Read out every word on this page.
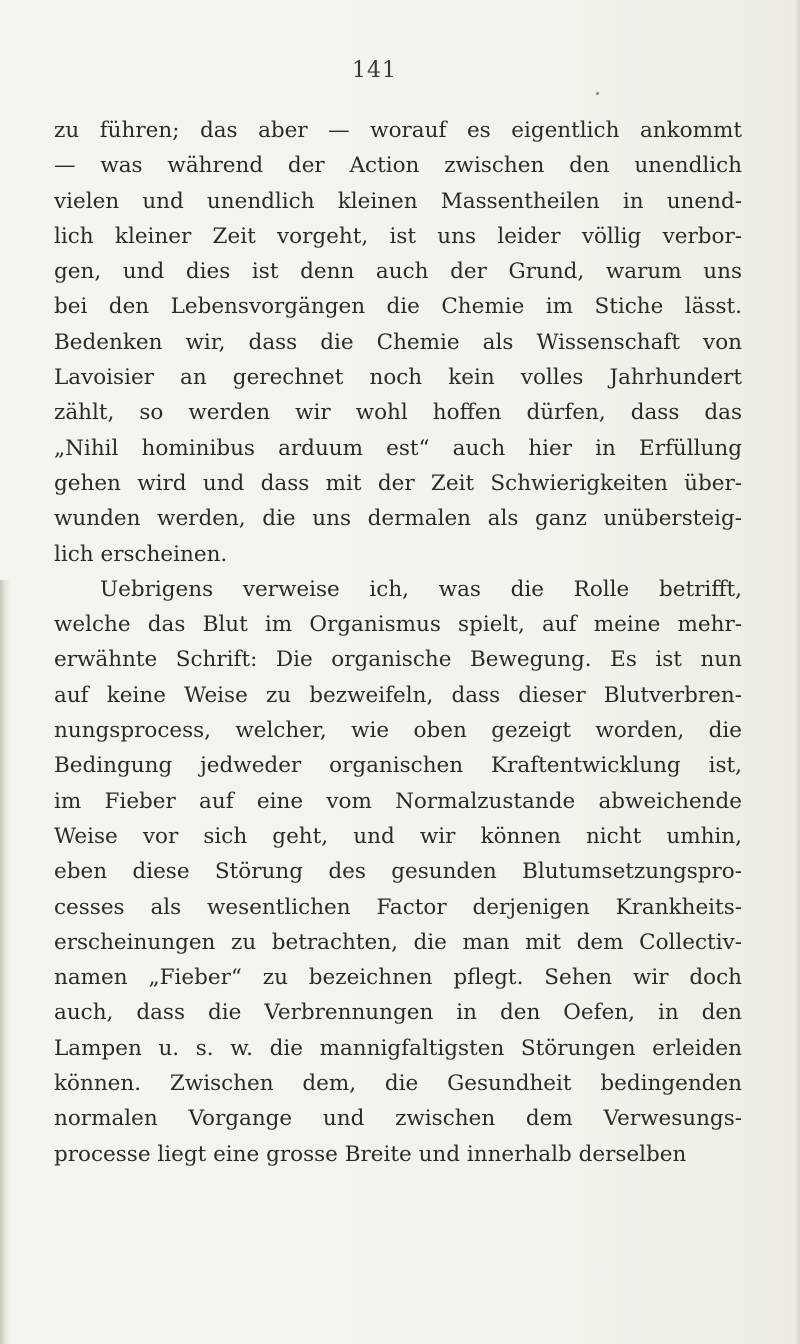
141
zu führen; das aber — worauf es eigentlich ankommt
— was während der Action zwischen den unendlich
vielen und unendlich kleinen Massentheilen in unend-
lich kleiner Zeit vorgeht, ist uns leider völlig verbor-
gen, und dies ist denn auch der Grund, warum uns
bei den Lebensvorgängen die Chemie im Stiche lässt.
Bedenken wir, dass die Chemie als Wissenschaft von
Lavoisier an gerechnet noch kein volles Jahrhundert
zählt, so werden wir wohl hoffen dürfen, dass das
„Nihil hominibus arduum est“ auch hier in Erfüllung
gehen wird und dass mit der Zeit Schwierigkeiten über-
wunden werden, die uns dermalen als ganz unübersteig-
lich erscheinen.
Uebrigens verweise ich, was die Rolle betrifft,
welche das Blut im Organismus spielt, auf meine mehr-
erwähnte Schrift: Die organische Bewegung. Es ist nun
auf keine Weise zu bezweifeln, dass dieser Blutverbren-
nungsprocess, welcher, wie oben gezeigt worden, die
Bedingung jedweder organischen Kraftentwicklung ist,
im Fieber auf eine vom Normalzustande abweichende
Weise vor sich geht, und wir können nicht umhin,
eben diese Störung des gesunden Blutumsetzungspro-
cesses als wesentlichen Factor derjenigen Krankheits-
erscheinungen zu betrachten, die man mit dem Collectiv-
namen „Fieber“ zu bezeichnen pflegt. Sehen wir doch
auch, dass die Verbrennungen in den Oefen, in den
Lampen u. s. w. die mannigfaltigsten Störungen erleiden
können. Zwischen dem, die Gesundheit bedingenden
normalen Vorgange und zwischen dem Verwesungs-
processe liegt eine grosse Breite und innerhalb derselben
